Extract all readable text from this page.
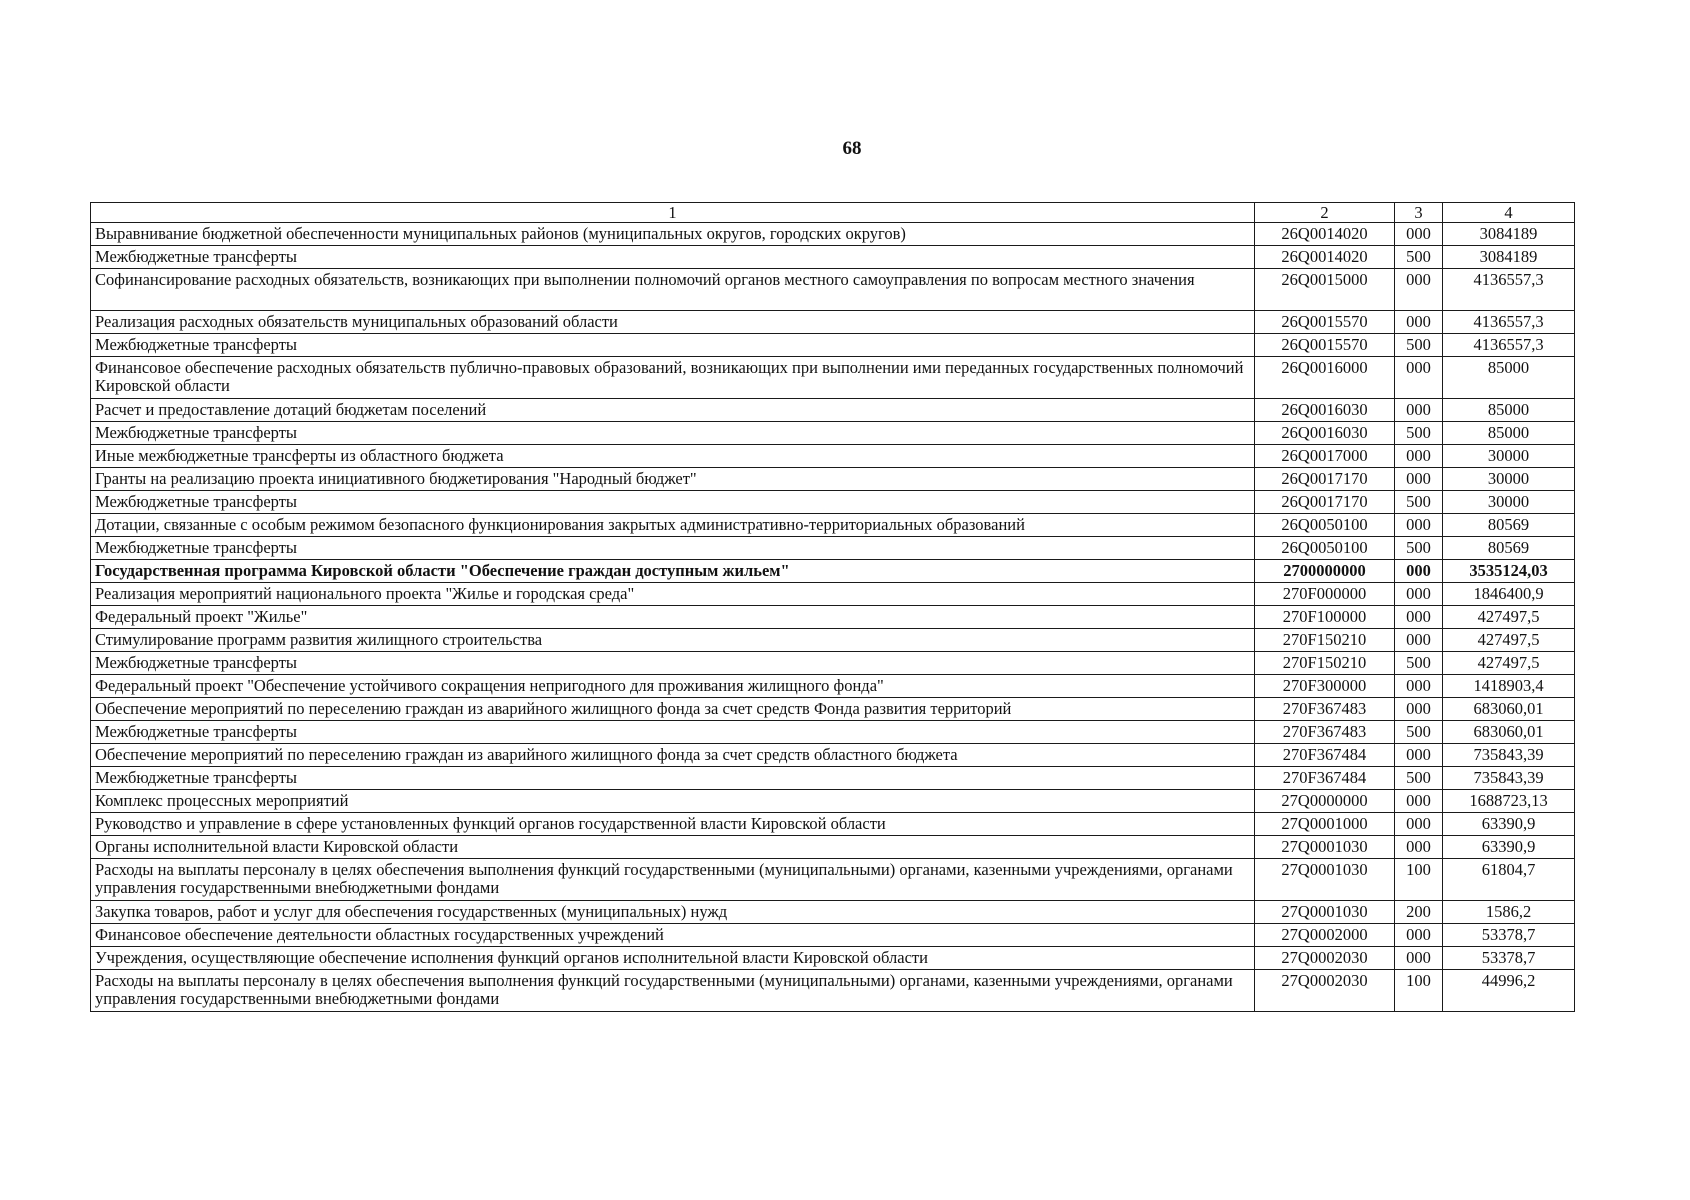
68
1	2	3	4
Выравнивание бюджетной обеспеченности муниципальных районов (муниципальных округов, городских округов)	26Q0014020	000	3084189
Межбюджетные трансферты	26Q0014020	500	3084189
Софинансирование расходных обязательств, возникающих при выполнении полномочий органов местного самоуправления по вопросам местного значения	26Q0015000	000	4136557,3
Реализация расходных обязательств муниципальных образований области	26Q0015570	000	4136557,3
Межбюджетные трансферты	26Q0015570	500	4136557,3
Финансовое обеспечение расходных обязательств публично-правовых образований, возникающих при выполнении ими переданных государственных полномочий Кировской области	26Q0016000	000	85000
Расчет и предоставление дотаций бюджетам поселений	26Q0016030	000	85000
Межбюджетные трансферты	26Q0016030	500	85000
Иные межбюджетные трансферты из областного бюджета	26Q0017000	000	30000
Гранты на реализацию проекта инициативного бюджетирования "Народный бюджет"	26Q0017170	000	30000
Межбюджетные трансферты	26Q0017170	500	30000
Дотации, связанные с особым режимом безопасного функционирования закрытых административно-территориальных образований	26Q0050100	000	80569
Межбюджетные трансферты	26Q0050100	500	80569
Государственная программа Кировской области "Обеспечение граждан доступным жильем"	2700000000	000	3535124,03
Реализация мероприятий национального проекта "Жилье и городская среда"	270F000000	000	1846400,9
Федеральный проект "Жилье"	270F100000	000	427497,5
Стимулирование программ развития жилищного строительства	270F150210	000	427497,5
Межбюджетные трансферты	270F150210	500	427497,5
Федеральный проект "Обеспечение устойчивого сокращения непригодного для проживания жилищного фонда"	270F300000	000	1418903,4
Обеспечение мероприятий по переселению граждан из аварийного жилищного фонда за счет средств Фонда развития территорий	270F367483	000	683060,01
Межбюджетные трансферты	270F367483	500	683060,01
Обеспечение мероприятий по переселению граждан из аварийного жилищного фонда за счет средств областного бюджета	270F367484	000	735843,39
Межбюджетные трансферты	270F367484	500	735843,39
Комплекс процессных мероприятий	27Q0000000	000	1688723,13
Руководство и управление в сфере установленных функций органов государственной власти Кировской области	27Q0001000	000	63390,9
Органы исполнительной власти Кировской области	27Q0001030	000	63390,9
Расходы на выплаты персоналу в целях обеспечения выполнения функций государственными (муниципальными) органами, казенными учреждениями, органами управления государственными внебюджетными фондами	27Q0001030	100	61804,7
Закупка товаров, работ и услуг для обеспечения государственных (муниципальных) нужд	27Q0001030	200	1586,2
Финансовое обеспечение деятельности областных государственных учреждений	27Q0002000	000	53378,7
Учреждения, осуществляющие обеспечение исполнения функций органов исполнительной власти Кировской области	27Q0002030	000	53378,7
Расходы на выплаты персоналу в целях обеспечения выполнения функций государственными (муниципальными) органами, казенными учреждениями, органами управления государственными внебюджетными фондами	27Q0002030	100	44996,2
